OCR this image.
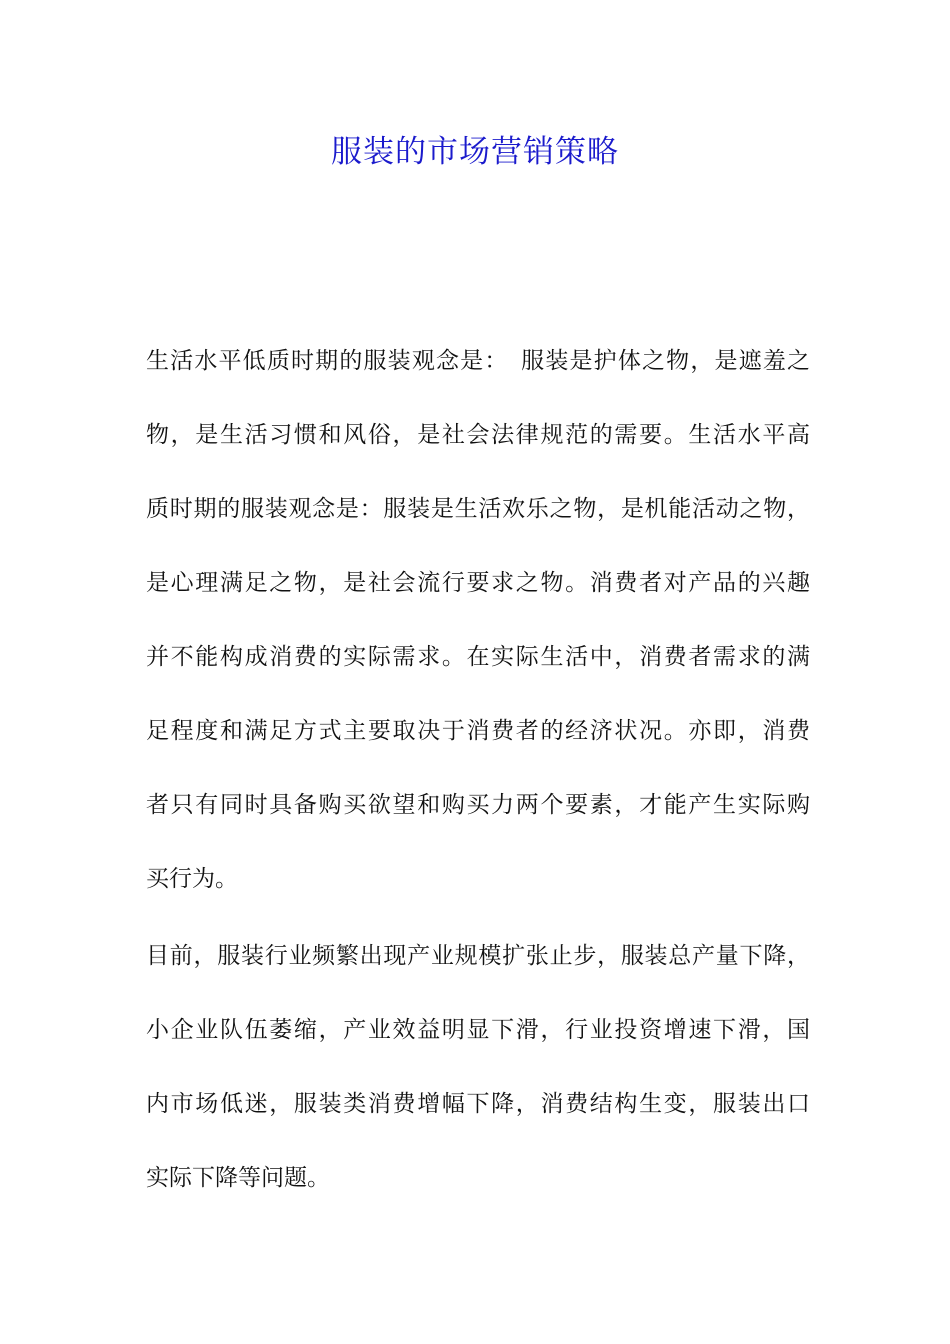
服装的市场营销策略
生活水平低质时期的服装观念是：　服装是护体之物，是遮羞之
物，是生活习惯和风俗，是社会法律规范的需要。生活水平高
质时期的服装观念是：服装是生活欢乐之物，是机能活动之物，
是心理满足之物，是社会流行要求之物。消费者对产品的兴趣
并不能构成消费的实际需求。在实际生活中，消费者需求的满
足程度和满足方式主要取决于消费者的经济状况。亦即，消费
者只有同时具备购买欲望和购买力两个要素，才能产生实际购
买行为。
目前，服装行业频繁出现产业规模扩张止步，服装总产量下降，
小企业队伍萎缩，产业效益明显下滑，行业投资增速下滑，国
内市场低迷，服装类消费增幅下降，消费结构生变，服装出口
实际下降等问题。
